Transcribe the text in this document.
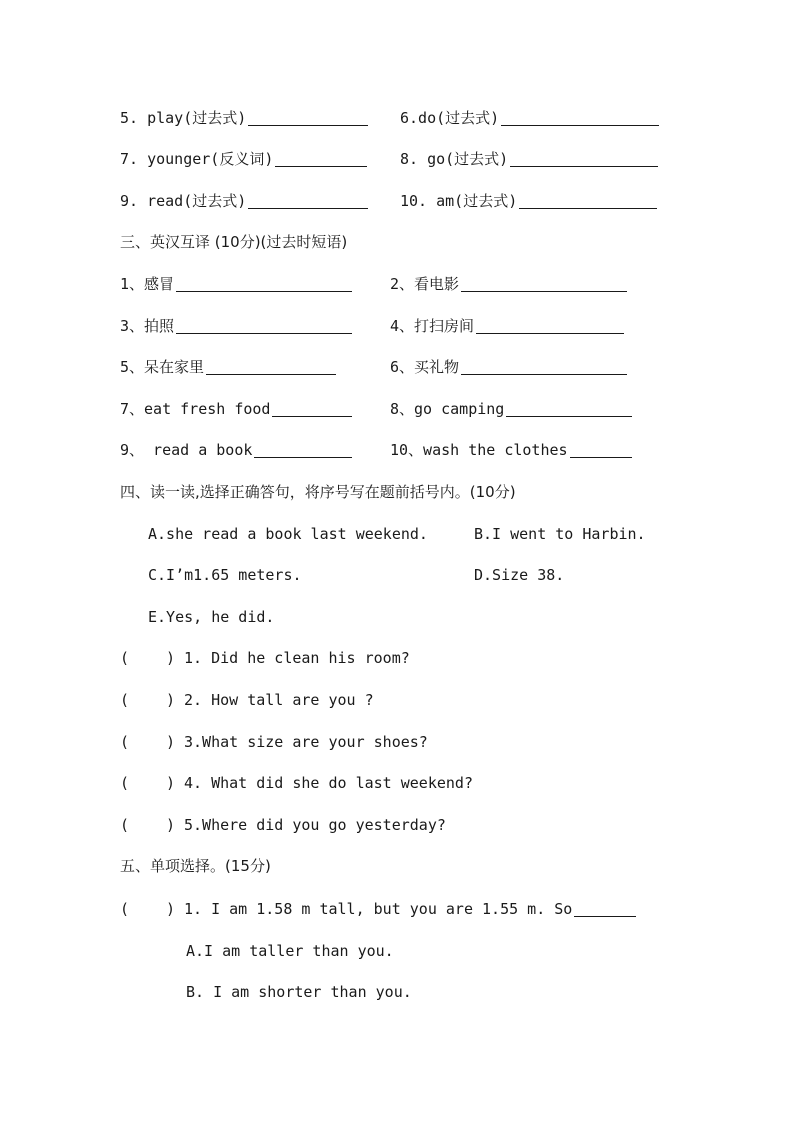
5. play(过去式)	6.do(过去式)
7. younger(反义词)	8. go(过去式)
9. read(过去式)	10. am(过去式)
三、英汉互译 (10分)(过去时短语)
1、感冒	2、看电影
3、拍照	4、打扫房间
5、呆在家里	6、买礼物
7、eat fresh food	8、go camping
9、 read a book	10、wash the clothes
四、读一读,选择正确答句，将序号写在题前括号内。(10分)
A.she read a book last weekend.	B.I went to Harbin.
C.I’m1.65 meters.	D.Size 38.
E.Yes, he did.
( ) 1. Did he clean his room?
( ) 2. How tall are you ?
( ) 3.What size are your shoes?
( ) 4. What did she do last weekend?
( ) 5.Where did you go yesterday?
五、单项选择。(15分)
( ) 1. I am 1.58 m tall, but you are 1.55 m. So
A.I am taller than you.
B. I am shorter than you.
